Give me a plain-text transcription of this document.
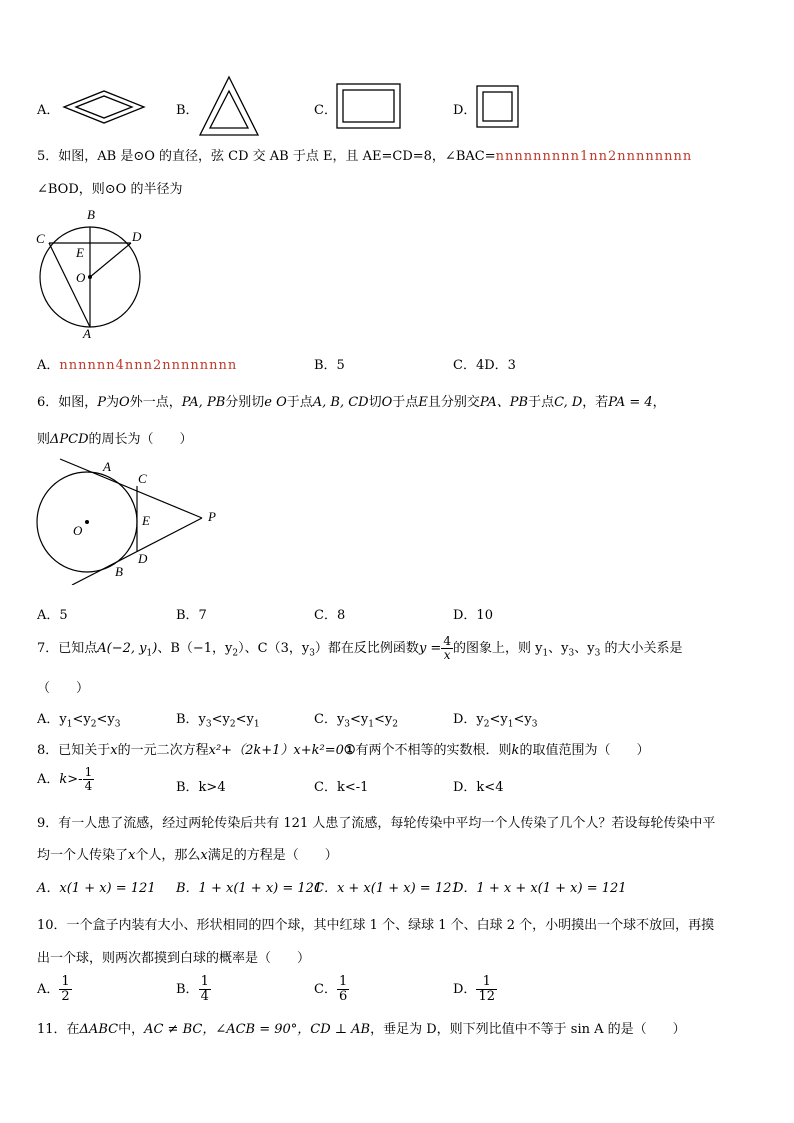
A．	B．	C．	D．
5．如图，AB 是⊙O 的直径，弦 CD 交 AB 于点 E，且 AE=CD=8，∠BAC=nnnnnnnnn1nn2nnnnnnnn
∠BOD，则⊙O 的半径为
B
C	D
E
O
A
A．nnnnnn4nnn2nnnnnnnn	B．5	C．4D．3
6．如图，P为O外一点，PA, PB分别切e O于点A, B, CD切O于点E且分别交PA、PB于点C, D，若PA = 4，
则ΔPCD的周长为（　　）
A
C
E	P
O
D
B
A．5	B．7	C．8	D．10
7．已知点A(−2, $y_1$)、B（−1，$y_2$）、C（3，$y_3$）都在反比例函数$y = \frac{4}{x}$ 的图象上，则 $y_1$、$y_3$、$y_3$ 的大小关系是
（　　）
A．$y_1<y_2<y_3$	B．$y_3<y_2<y_1$	C．$y_3<y_1<y_2$	D．$y_2<y_1<y_3$
8．已知关于x的一元二次方程x²+（2k+1）x+k²=0①有两个不相等的实数根．则k的取值范围为（　　）
A．$k>- \frac{1}{4}$	B．k>4	C．k<-1	D．k<4
9．有一人患了流感，经过两轮传染后共有 121 人患了流感，每轮传染中平均一个人传染了几个人？若设每轮传染中平
均一个人传染了x个人，那么x满足的方程是（　　）
A．x(1 + x) = 121 B．1 + x(1 + x) = 121
C．x + x(1 + x) = 121
D．1 + x + x(1 + x) = 121
10．一个盒子内装有大小、形状相同的四个球，其中红球 1 个、绿球 1 个、白球 2 个，小明摸出一个球不放回，再摸
出一个球，则两次都摸到白球的概率是（　　）
A． $\frac{1}{2}$	B． $\frac{1}{4}$	C． $\frac{1}{6}$	D． $\frac{1}{12}$
11．在ΔABC中，AC ≠ BC，∠ACB = 90°，CD ⊥ AB，垂足为 D，则下列比值中不等于 sin A 的是（　　）
